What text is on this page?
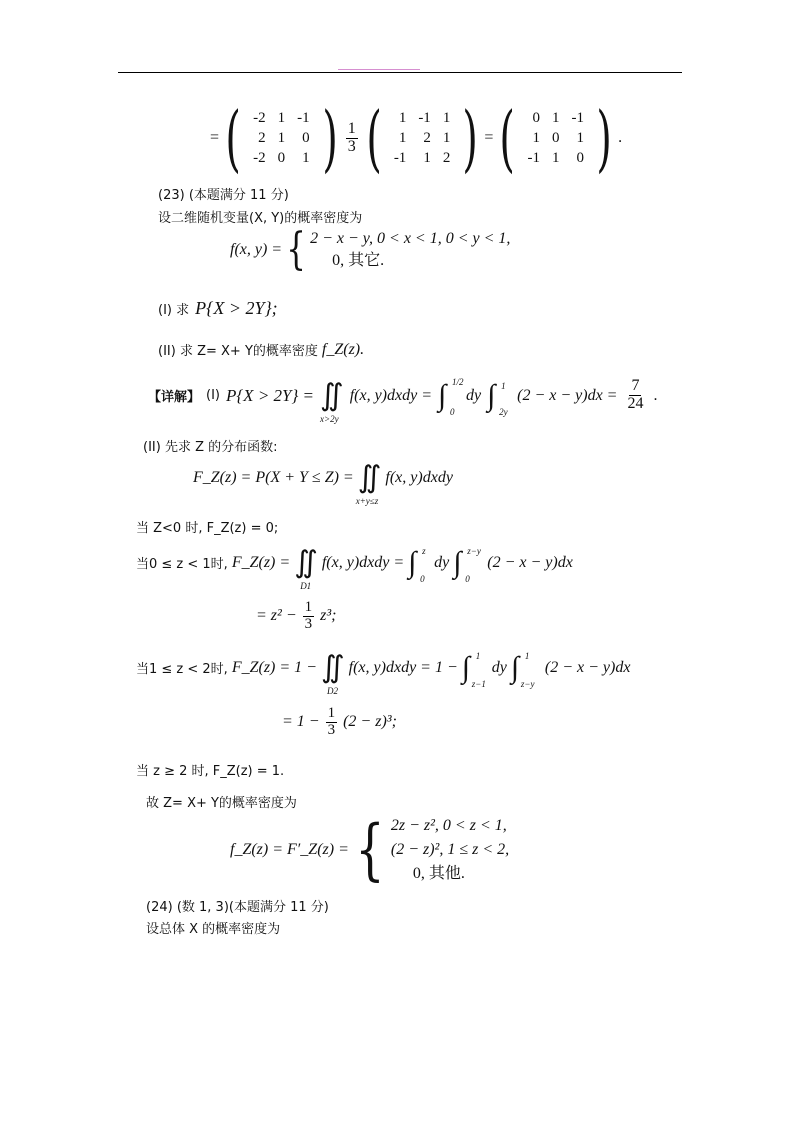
= ( -2	1	-1
2	1	0
-2	0	1 ) $\frac{1}{3}$ ( 1	-1	1
1	2	1
-1	1	2 ) = ( 0	1	-1
1	0	1
-1	1	0 ) .
(23) (本题满分 11 分)
设二维随机变量(X, Y)的概率密度为
f(x, y) = { 2 − x − y, 0 < x < 1, 0 < y < 1,
0, 其它.
(I) 求 P{X > 2Y};
(II) 求 Z= X+ Y的概率密度 f_Z(z).
【详解】 (I) P{X > 2Y} = ∬
x>2y
f(x, y)dxdy = ∫ 1/2
0
dy ∫ 1
2y
$(2 - x - y)dx = \frac{7}{24}$ .
(II) 先求 Z 的分布函数:
F_Z(z) = P(X + Y ≤ Z) = ∬
x+y≤z
f(x, y)dxdy
当 Z<0 时, F_Z(z) = 0;
当0 ≤ z < 1时, F_Z(z) = ∬
D1
f(x, y)dxdy = ∫ z
0
dy ∫ z−y
0
(2 − x − y)dx
= $z^2 - \frac{1}{3} z^3$;
当1 ≤ z < 2时, F_Z(z) = 1 − ∬
D2
f(x, y)dxdy = 1 − ∫ 1
z−1
dy ∫ 1
z−y
(2 − x − y)dx
= $1 - \frac{1}{3} (2 - z)^3$;
当 z ≥ 2 时, F_Z(z) = 1.
故 Z= X+ Y的概率密度为
f_Z(z) = F′_Z(z) = { 2z − z², 0 < z < 1,
(2 − z)², 1 ≤ z < 2,
0, 其他.
(24) (数 1, 3)(本题满分 11 分)
设总体 X 的概率密度为
